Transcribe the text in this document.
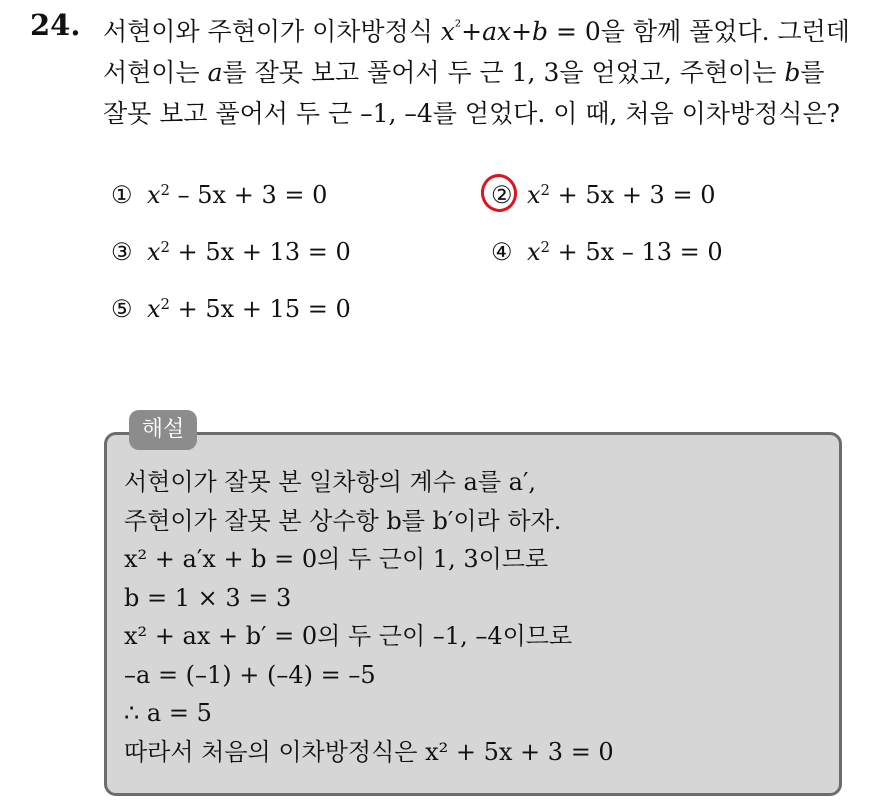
24. 서현이와 주현이가 이차방정식 $x^{^2}+ax+b = 0$을 함께 풀었다. 그런데

서현이는 a를 잘못 보고 풀어서 두 근 1, 3을 얻었고, 주현이는 b를

잘못 보고 풀어서 두 근 –1, –4를 얻었다. 이 때, 처음 이차방정식은?

① $x^2 - 5x + 3 = 0$	② $x^2 + 5x + 3 = 0$
③ $x^2 + 5x + 13 = 0$	④ $x^2 + 5x - 13 = 0$
⑤ $x^2 + 5x + 15 = 0$
해설

서현이가 잘못 본 일차항의 계수 a를 a′,

주현이가 잘못 본 상수항 b를 b′이라 하자.

x² + a′x + b = 0의 두 근이 1, 3이므로

b = 1 × 3 = 3

x² + ax + b′ = 0의 두 근이 –1, –4이므로

–a = (–1) + (–4) = –5

∴ a = 5

따라서 처음의 이차방정식은 x² + 5x + 3 = 0
